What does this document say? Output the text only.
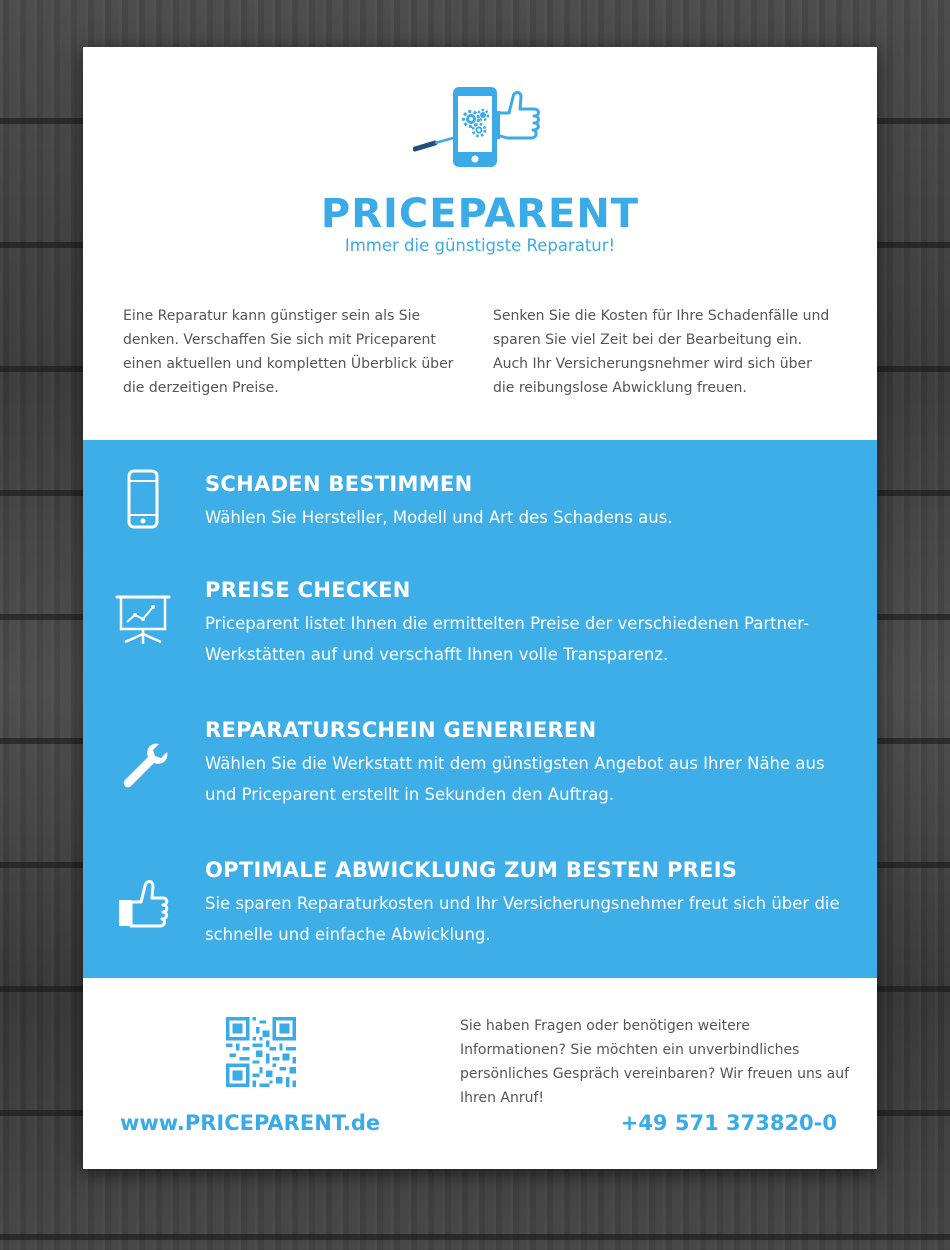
PRICEPARENT

Immer die günstigste Reparatur!

Eine Reparatur kann günstiger sein als Sie denken. Verschaffen Sie sich mit Priceparent einen aktuellen und kompletten Überblick über die derzeitigen Preise.

Senken Sie die Kosten für Ihre Schadenfälle und sparen Sie viel Zeit bei der Bearbeitung ein. Auch Ihr Versicherungsnehmer wird sich über die reibungslose Abwicklung freuen.

SCHADEN BESTIMMEN

Wählen Sie Hersteller, Modell und Art des Schadens aus.

PREISE CHECKEN

Priceparent listet Ihnen die ermittelten Preise der verschiedenen Partner-Werkstätten auf und verschafft Ihnen volle Transparenz.

REPARATURSCHEIN GENERIEREN

Wählen Sie die Werkstatt mit dem günstigsten Angebot aus Ihrer Nähe aus und Priceparent erstellt in Sekunden den Auftrag.

OPTIMALE ABWICKLUNG ZUM BESTEN PREIS

Sie sparen Reparaturkosten und Ihr Versicherungsnehmer freut sich über die schnelle und einfache Abwicklung.

www.PRICEPARENT.de

Sie haben Fragen oder benötigen weitere Informationen? Sie möchten ein unverbindliches persönliches Gespräch vereinbaren? Wir freuen uns auf Ihren Anruf!

+49 571 373820-0
